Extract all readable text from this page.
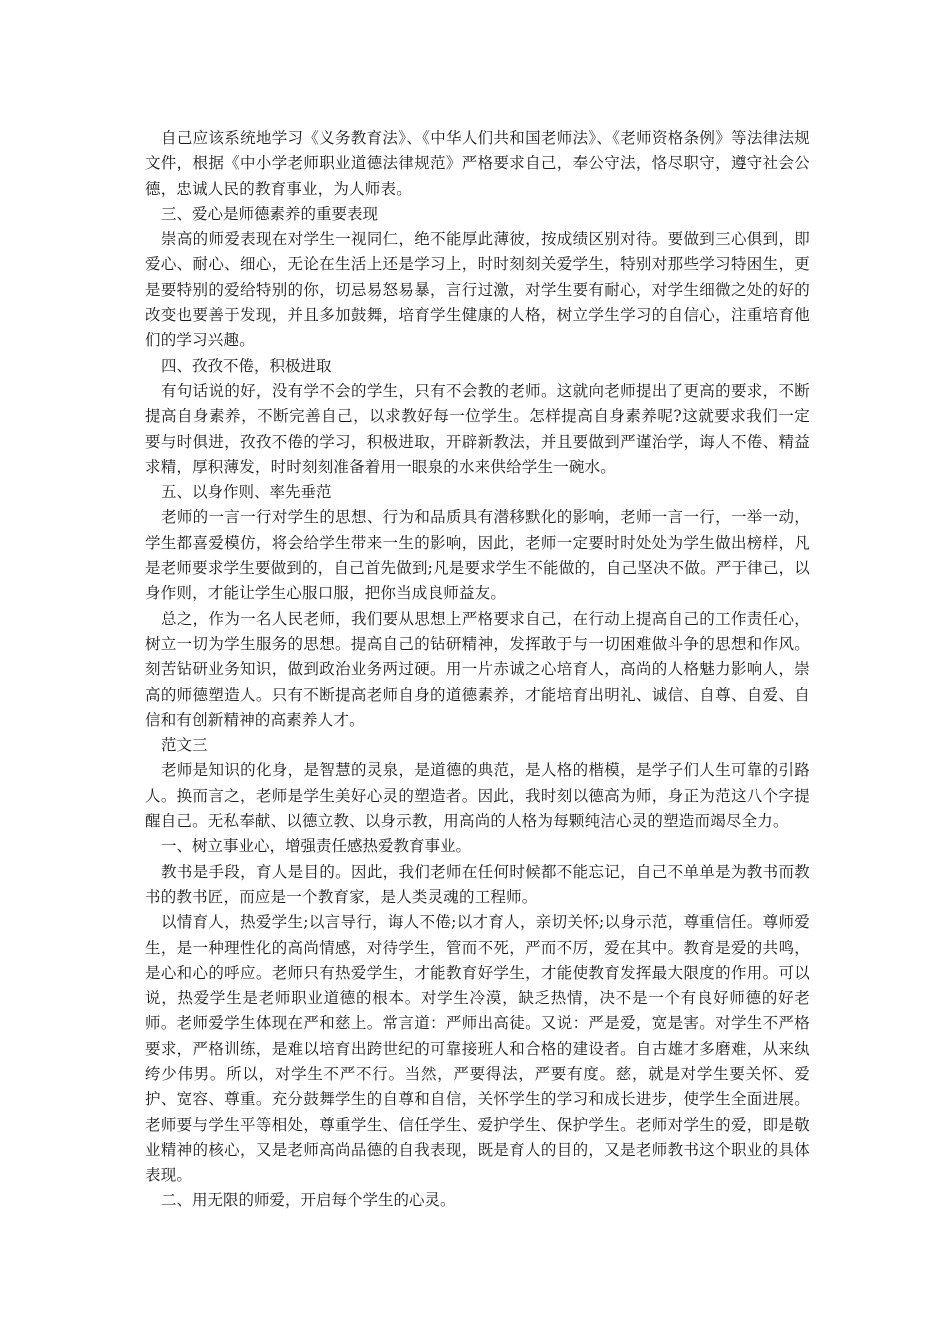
自己应该系统地学习《义务教育法》、《中华人们共和国老师法》、《老师资格条例》等法律法规文件，根据《中小学老师职业道德法律规范》严格要求自己，奉公守法，恪尽职守，遵守社会公德，忠诚人民的教育事业，为人师表。

三、爱心是师德素养的重要表现

崇高的师爱表现在对学生一视同仁，绝不能厚此薄彼，按成绩区别对待。要做到三心俱到，即爱心、耐心、细心，无论在生活上还是学习上，时时刻刻关爱学生，特别对那些学习特困生，更是要特别的爱给特别的你，切忌易怒易暴，言行过激，对学生要有耐心，对学生细微之处的好的改变也要善于发现，并且多加鼓舞，培育学生健康的人格，树立学生学习的自信心，注重培育他们的学习兴趣。

四、孜孜不倦，积极进取

有句话说的好，没有学不会的学生，只有不会教的老师。这就向老师提出了更高的要求，不断提高自身素养，不断完善自己，以求教好每一位学生。怎样提高自身素养呢?这就要求我们一定要与时俱进，孜孜不倦的学习，积极进取，开辟新教法，并且要做到严谨治学，诲人不倦、精益求精，厚积薄发，时时刻刻准备着用一眼泉的水来供给学生一碗水。

五、以身作则、率先垂范

老师的一言一行对学生的思想、行为和品质具有潜移默化的影响，老师一言一行，一举一动，学生都喜爱模仿，将会给学生带来一生的影响，因此，老师一定要时时处处为学生做出榜样，凡是老师要求学生要做到的，自己首先做到;凡是要求学生不能做的，自己坚决不做。严于律己，以身作则，才能让学生心服口服，把你当成良师益友。

总之，作为一名人民老师，我们要从思想上严格要求自己，在行动上提高自己的工作责任心，树立一切为学生服务的思想。提高自己的钻研精神，发挥敢于与一切困难做斗争的思想和作风。刻苦钻研业务知识，做到政治业务两过硬。用一片赤诚之心培育人，高尚的人格魅力影响人，崇高的师德塑造人。只有不断提高老师自身的道德素养，才能培育出明礼、诚信、自尊、自爱、自信和有创新精神的高素养人才。

范文三

老师是知识的化身，是智慧的灵泉，是道德的典范，是人格的楷模，是学子们人生可靠的引路人。换而言之，老师是学生美好心灵的塑造者。因此，我时刻以德高为师，身正为范这八个字提醒自己。无私奉献、以德立教、以身示教，用高尚的人格为每颗纯洁心灵的塑造而竭尽全力。

一、树立事业心，增强责任感热爱教育事业。

教书是手段，育人是目的。因此，我们老师在任何时候都不能忘记，自己不单单是为教书而教书的教书匠，而应是一个教育家，是人类灵魂的工程师。

以情育人，热爱学生;以言导行，诲人不倦;以才育人，亲切关怀;以身示范，尊重信任。尊师爱生，是一种理性化的高尚情感，对待学生，管而不死，严而不厉，爱在其中。教育是爱的共鸣，是心和心的呼应。老师只有热爱学生，才能教育好学生，才能使教育发挥最大限度的作用。可以说，热爱学生是老师职业道德的根本。对学生冷漠，缺乏热情，决不是一个有良好师德的好老师。老师爱学生体现在严和慈上。常言道：严师出高徒。又说：严是爱，宽是害。对学生不严格要求，严格训练，是难以培育出跨世纪的可靠接班人和合格的建设者。自古雄才多磨难，从来纨绔少伟男。所以，对学生不严不行。当然，严要得法，严要有度。慈，就是对学生要关怀、爱护、宽容、尊重。充分鼓舞学生的自尊和自信，关怀学生的学习和成长进步，使学生全面进展。老师要与学生平等相处，尊重学生、信任学生、爱护学生、保护学生。老师对学生的爱，即是敬业精神的核心，又是老师高尚品德的自我表现，既是育人的目的，又是老师教书这个职业的具体表现。

二、用无限的师爱，开启每个学生的心灵。
